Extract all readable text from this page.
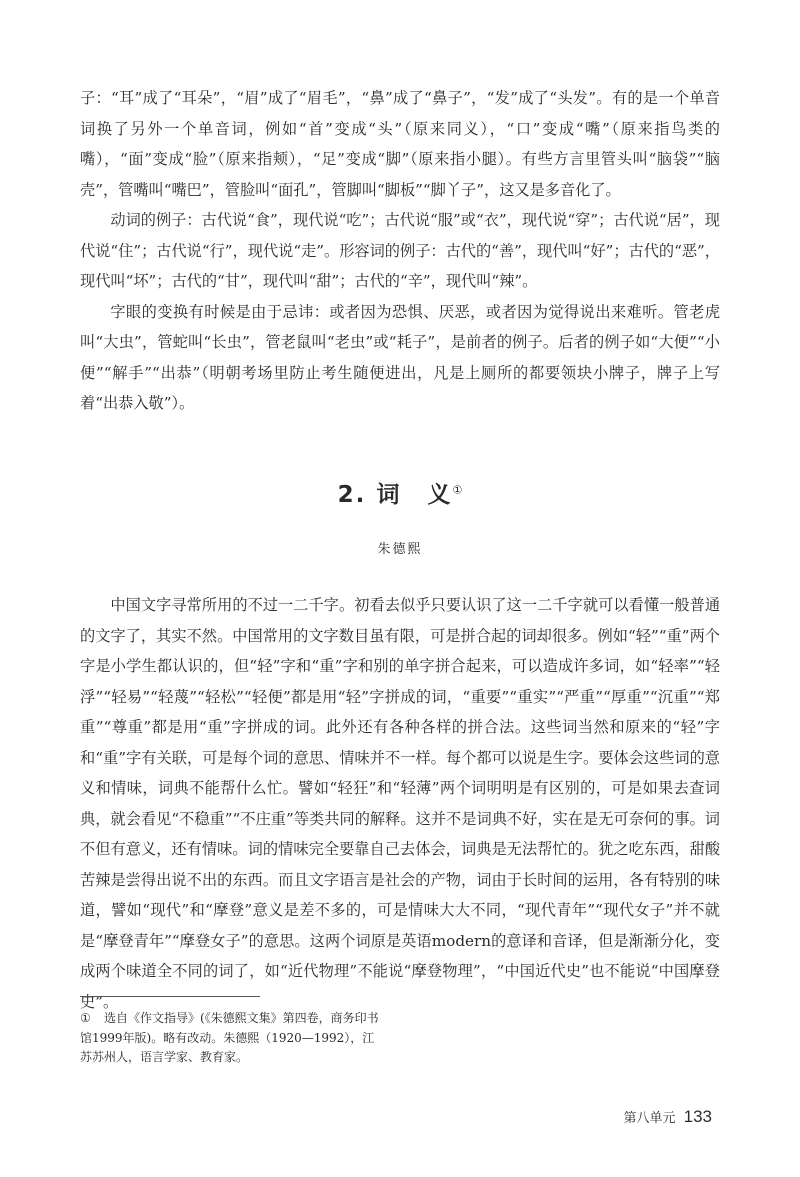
子：“耳”成了“耳朵”，“眉”成了“眉毛”，“鼻”成了“鼻子”，“发”成了“头发”。有的是一个单音词换了另外一个单音词，例如“首”变成“头”（原来同义），“口”变成“嘴”（原来指鸟类的嘴），“面”变成“脸”（原来指颊），“足”变成“脚”（原来指小腿）。有些方言里管头叫“脑袋”“脑壳”，管嘴叫“嘴巴”，管脸叫“面孔”，管脚叫“脚板”“脚丫子”，这又是多音化了。

动词的例子：古代说“食”，现代说“吃”；古代说“服”或“衣”，现代说“穿”；古代说“居”，现代说“住”；古代说“行”，现代说“走”。形容词的例子：古代的“善”，现代叫“好”；古代的“恶”，现代叫“坏”；古代的“甘”，现代叫“甜”；古代的“辛”，现代叫“辣”。

字眼的变换有时候是由于忌讳：或者因为恐惧、厌恶，或者因为觉得说出来难听。管老虎叫“大虫”，管蛇叫“长虫”，管老鼠叫“老虫”或“耗子”，是前者的例子。后者的例子如“大便”“小便”“解手”“出恭”（明朝考场里防止考生随便进出，凡是上厕所的都要领块小牌子，牌子上写着“出恭入敬”）。

2. 词 义①
朱德熙

中国文字寻常所用的不过一二千字。初看去似乎只要认识了这一二千字就可以看懂一般普通的文字了，其实不然。中国常用的文字数目虽有限，可是拼合起的词却很多。例如“轻”“重”两个字是小学生都认识的，但“轻”字和“重”字和别的单字拼合起来，可以造成许多词，如“轻率”“轻浮”“轻易”“轻蔑”“轻松”“轻便”都是用“轻”字拼成的词，“重要”“重实”“严重”“厚重”“沉重”“郑重”“尊重”都是用“重”字拼成的词。此外还有各种各样的拼合法。这些词当然和原来的“轻”字和“重”字有关联，可是每个词的意思、情味并不一样。每个都可以说是生字。要体会这些词的意义和情味，词典不能帮什么忙。譬如“轻狂”和“轻薄”两个词明明是有区别的，可是如果去查词典，就会看见“不稳重”“不庄重”等类共同的解释。这并不是词典不好，实在是无可奈何的事。词不但有意义，还有情味。词的情味完全要靠自己去体会，词典是无法帮忙的。犹之吃东西，甜酸苦辣是尝得出说不出的东西。而且文字语言是社会的产物，词由于长时间的运用，各有特别的味道，譬如“现代”和“摩登”意义是差不多的，可是情味大大不同，“现代青年”“现代女子”并不就是“摩登青年”“摩登女子”的意思。这两个词原是英语modern的意译和音译，但是渐渐分化，变成两个味道全不同的词了，如“近代物理”不能说“摩登物理”，“中国近代史”也不能说“中国摩登史”。

① 选自《作文指导》(《朱德熙文集》第四卷，商务印书馆1999年版)。略有改动。朱德熙（1920—1992），江苏苏州人，语言学家、教育家。
第八单元 133
